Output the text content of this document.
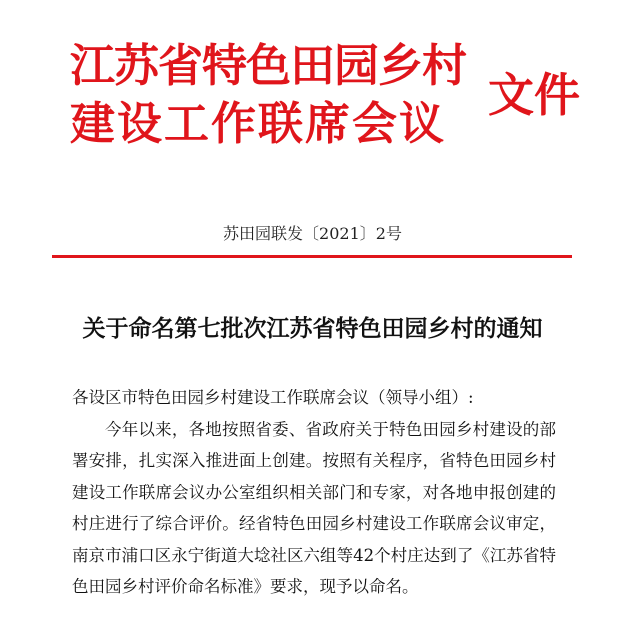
江苏省特色田园乡村
建设工作联席会议
文件
苏田园联发〔2021〕2号
关于命名第七批次江苏省特色田园乡村的通知
各设区市特色田园乡村建设工作联席会议（领导小组）:

今年以来，各地按照省委、省政府关于特色田园乡村建设的部署安排，扎实深入推进面上创建。按照有关程序，省特色田园乡村建设工作联席会议办公室组织相关部门和专家，对各地申报创建的村庄进行了综合评价。经省特色田园乡村建设工作联席会议审定，南京市浦口区永宁街道大埝社区六组等42个村庄达到了《江苏省特色田园乡村评价命名标准》要求，现予以命名。
